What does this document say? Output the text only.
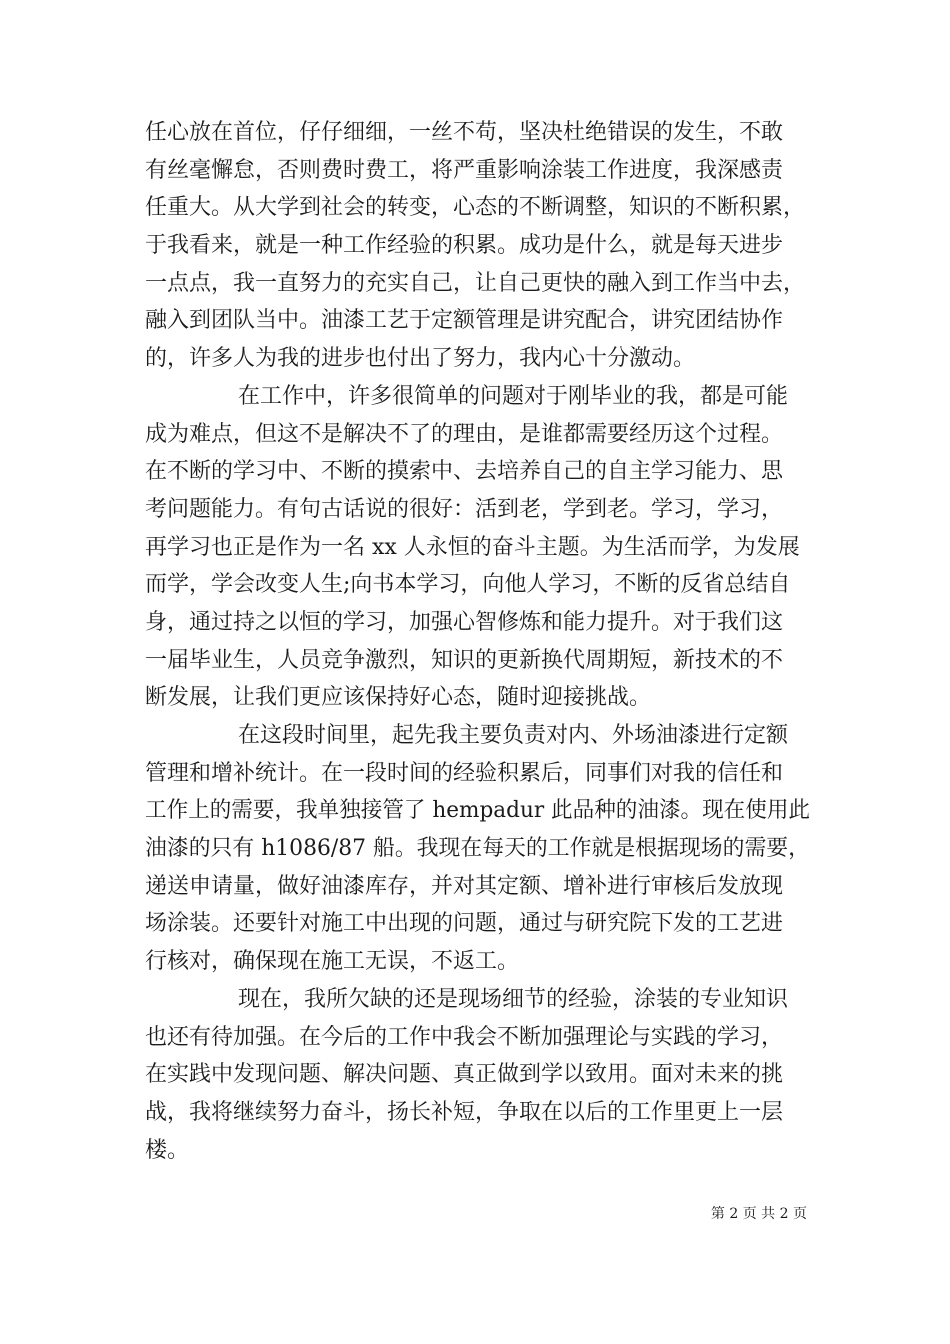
任心放在首位，仔仔细细，一丝不苟，坚决杜绝错误的发生，不敢
有丝毫懈怠，否则费时费工，将严重影响涂装工作进度，我深感责
任重大。从大学到社会的转变，心态的不断调整，知识的不断积累，
于我看来，就是一种工作经验的积累。成功是什么，就是每天进步
一点点，我一直努力的充实自己，让自己更快的融入到工作当中去，
融入到团队当中。油漆工艺于定额管理是讲究配合，讲究团结协作
的，许多人为我的进步也付出了努力，我内心十分激动。
在工作中，许多很简单的问题对于刚毕业的我，都是可能
成为难点，但这不是解决不了的理由，是谁都需要经历这个过程。
在不断的学习中、不断的摸索中、去培养自己的自主学习能力、思
考问题能力。有句古话说的很好：活到老，学到老。学习，学习，
再学习也正是作为一名 xx 人永恒的奋斗主题。为生活而学，为发展
而学，学会改变人生;向书本学习，向他人学习，不断的反省总结自
身，通过持之以恒的学习，加强心智修炼和能力提升。对于我们这
一届毕业生，人员竞争激烈，知识的更新换代周期短，新技术的不
断发展，让我们更应该保持好心态，随时迎接挑战。
在这段时间里，起先我主要负责对内、外场油漆进行定额
管理和增补统计。在一段时间的经验积累后，同事们对我的信任和
工作上的需要，我单独接管了 hempadur 此品种的油漆。现在使用此
油漆的只有 h1086/87 船。我现在每天的工作就是根据现场的需要，
递送申请量，做好油漆库存，并对其定额、增补进行审核后发放现
场涂装。还要针对施工中出现的问题，通过与研究院下发的工艺进
行核对，确保现在施工无误，不返工。
现在，我所欠缺的还是现场细节的经验，涂装的专业知识
也还有待加强。在今后的工作中我会不断加强理论与实践的学习，
在实践中发现问题、解决问题、真正做到学以致用。面对未来的挑
战，我将继续努力奋斗，扬长补短，争取在以后的工作里更上一层
楼。
第 2 页 共 2 页
